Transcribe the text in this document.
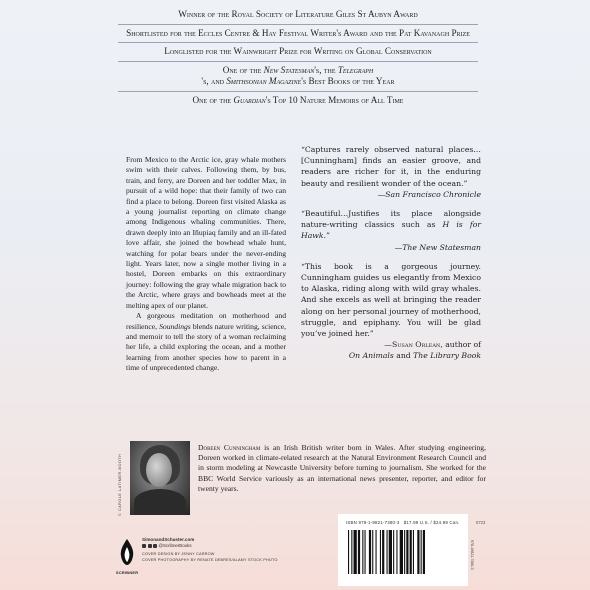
Winner of the Royal Society of Literature Giles St Aubyn Award
Shortlisted for the Eccles Centre & Hay Festival Writer's Award and the Pat Kavanagh Prize
Longlisted for the Wainwright Prize for Writing on Global Conservation
One of the New Statesman's, the Telegraph
's, and Smithsonian Magazine's Best Books of the Year
One of the Guardian's Top 10 Nature Memoirs of All Time

From Mexico to the Arctic ice, gray whale mothers swim with their calves. Following them, by bus, train, and ferry, are Doreen and her toddler Max, in pursuit of a wild hope: that their family of two can find a place to belong. Doreen first visited Alaska as a young journalist reporting on climate change among Indigenous whaling communities. There, drawn deeply into an Iñupiaq family and an ill-fated love affair, she joined the bowhead whale hunt, watching for polar bears under the never-ending light. Years later, now a single mother living in a hostel, Doreen embarks on this extraordinary journey: following the gray whale migration back to the Arctic, where grays and bowheads meet at the melting apex of our planet.

A gorgeous meditation on motherhood and resilience, Soundings blends nature writing, science, and memoir to tell the story of a woman reclaiming her life, a child exploring the ocean, and a mother learning from another species how to parent in a time of unprecedented change.

“Captures rarely observed natural places…[Cunningham] finds an easier groove, and readers are richer for it, in the enduring beauty and resilient wonder of the ocean.”
—San Francisco Chronicle
“Beautiful…Justifies its place alongside nature-writing classics such as H is for Hawk.”
—The New Statesman
“This book is a gorgeous journey. Cunningham guides us elegantly from Mexico to Alaska, riding along with wild gray whales. And she excels as well at bringing the reader along on her personal journey of motherhood, struggle, and epiphany. You will be glad you’ve joined her.”
—Susan Orlean, author of
On Animals and The Library Book
© CAROLE LATIMER-BOOTH
Doreen Cunningham is an Irish British writer born in Wales. After studying engineering, Doreen worked in climate-related research at the Natural Environment Research Council and in storm modeling at Newcastle University before turning to journalism. She worked for the BBC World Service variously as an international news presenter, reporter, and editor for twenty years.
0723
ISBN 978-1-9821-7380-3 $17.99 U.S. / $24.99 Can.
978-19821-7380-3
SCRIBNER
SimonandSchuster.com
@ScribnerBooks
COVER DESIGN BY JENNY CARROW
COVER PHOTOGRAPHY BY RENATE DEBRES/ALAMY STOCK PHOTO
